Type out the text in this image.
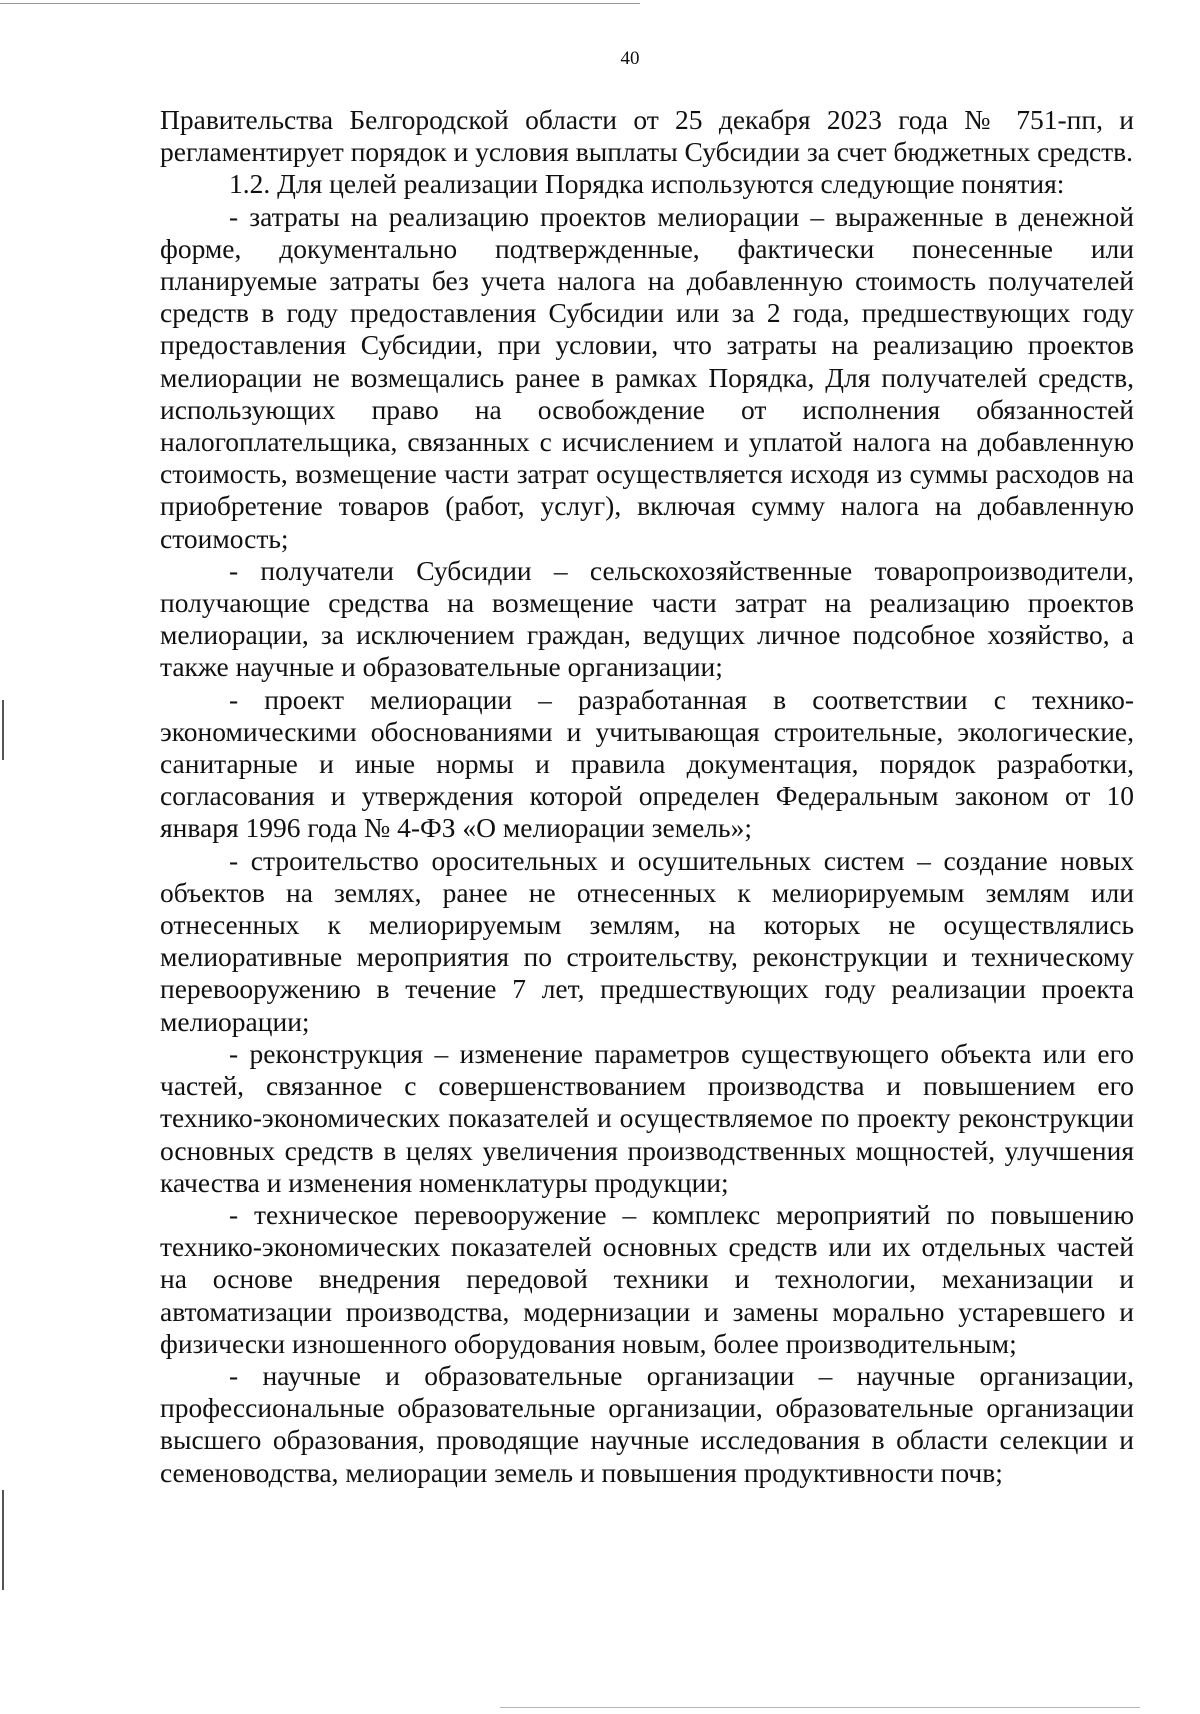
40

Правительства Белгородской области от 25 декабря 2023 года № 751-пп, и регламентирует порядок и условия выплаты Субсидии за счет бюджетных средств.

1.2. Для целей реализации Порядка используются следующие понятия:

- затраты на реализацию проектов мелиорации – выраженные в денежной форме, документально подтвержденные, фактически понесенные или планируемые затраты без учета налога на добавленную стоимость получателей средств в году предоставления Субсидии или за 2 года, предшествующих году предоставления Субсидии, при условии, что затраты на реализацию проектов мелиорации не возмещались ранее в рамках Порядка, Для получателей средств, использующих право на освобождение от исполнения обязанностей налогоплательщика, связанных с исчислением и уплатой налога на добавленную стоимость, возмещение части затрат осуществляется исходя из суммы расходов на приобретение товаров (работ, услуг), включая сумму налога на добавленную стоимость;

- получатели Субсидии – сельскохозяйственные товаропроизводители, получающие средства на возмещение части затрат на реализацию проектов мелиорации, за исключением граждан, ведущих личное подсобное хозяйство, а также научные и образовательные организации;

- проект мелиорации – разработанная в соответствии с технико-экономическими обоснованиями и учитывающая строительные, экологические, санитарные и иные нормы и правила документация, порядок разработки, согласования и утверждения которой определен Федеральным законом от 10 января 1996 года № 4-ФЗ «О мелиорации земель»;

- строительство оросительных и осушительных систем – создание новых объектов на землях, ранее не отнесенных к мелиорируемым землям или отнесенных к мелиорируемым землям, на которых не осуществлялись мелиоративные мероприятия по строительству, реконструкции и техническому перевооружению в течение 7 лет, предшествующих году реализации проекта мелиорации;

- реконструкция – изменение параметров существующего объекта или его частей, связанное с совершенствованием производства и повышением его технико-экономических показателей и осуществляемое по проекту реконструкции основных средств в целях увеличения производственных мощностей, улучшения качества и изменения номенклатуры продукции;

- техническое перевооружение – комплекс мероприятий по повышению технико-экономических показателей основных средств или их отдельных частей на основе внедрения передовой техники и технологии, механизации и автоматизации производства, модернизации и замены морально устаревшего и физически изношенного оборудования новым, более производительным;

- научные и образовательные организации – научные организации, профессиональные образовательные организации, образовательные организации высшего образования, проводящие научные исследования в области селекции и семеноводства, мелиорации земель и повышения продуктивности почв;
